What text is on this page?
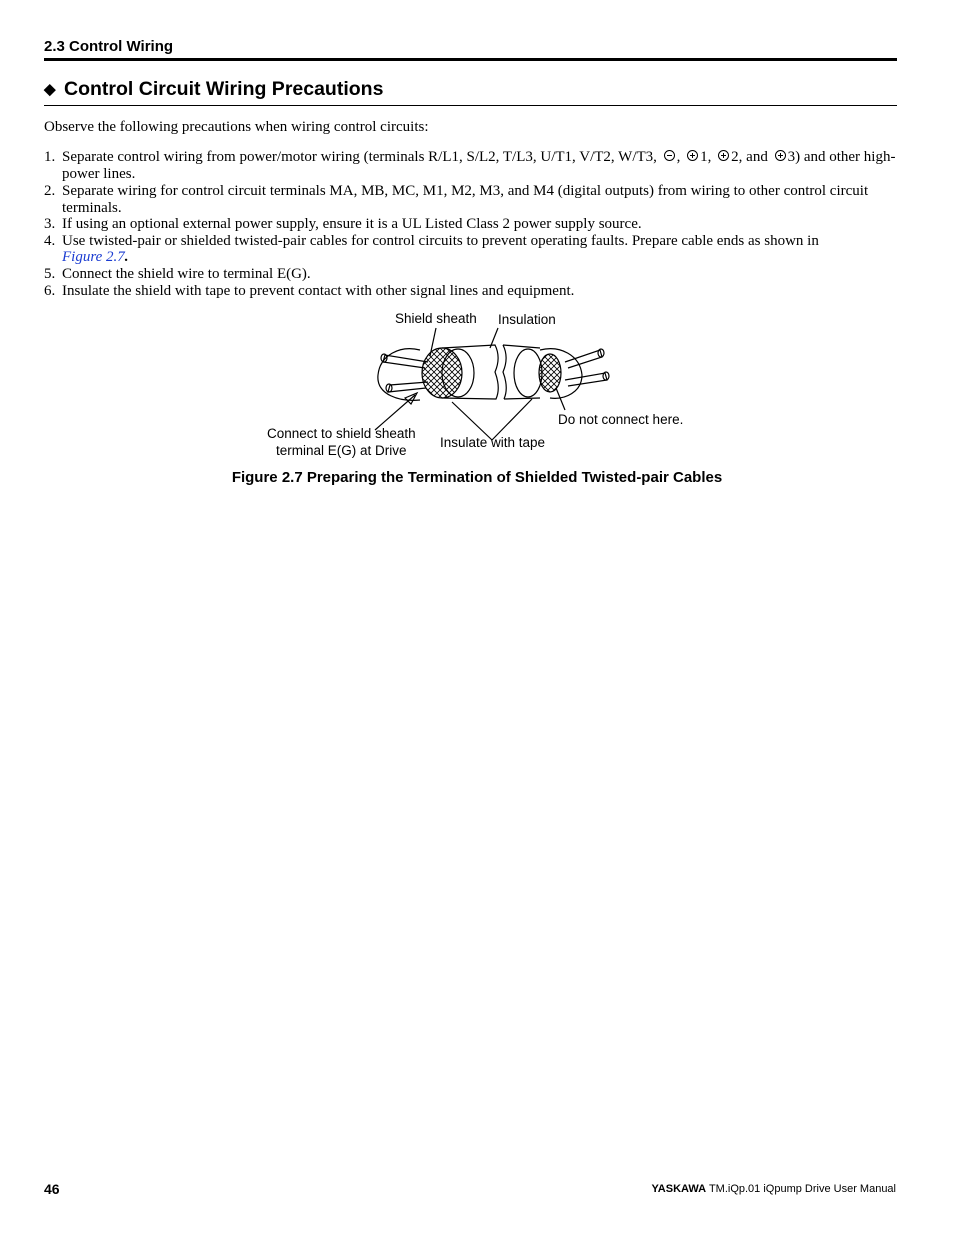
2.3 Control Wiring
◆ Control Circuit Wiring Precautions
Observe the following precautions when wiring control circuits:
1. Separate control wiring from power/motor wiring (terminals R/L1, S/L2, T/L3, U/T1, V/T2, W/T3, , 1, 2, and 3) and other high-power lines.
2. Separate wiring for control circuit terminals MA, MB, MC, M1, M2, M3, and M4 (digital outputs) from wiring to other control circuit terminals.
3. If using an optional external power supply, ensure it is a UL Listed Class 2 power supply source.
4. Use twisted-pair or shielded twisted-pair cables for control circuits to prevent operating faults. Prepare cable ends as shown in
Figure 2.7.
5. Connect the shield wire to terminal E(G).
6. Insulate the shield with tape to prevent contact with other signal lines and equipment.
Shield sheath Insulation
Do not connect here.
Connect to shield sheath
terminal E(G) at Drive
Insulate with tape
Figure 2.7 Preparing the Termination of Shielded Twisted-pair Cables
46	YASKAWA TM.iQp.01 iQpump Drive User Manual
